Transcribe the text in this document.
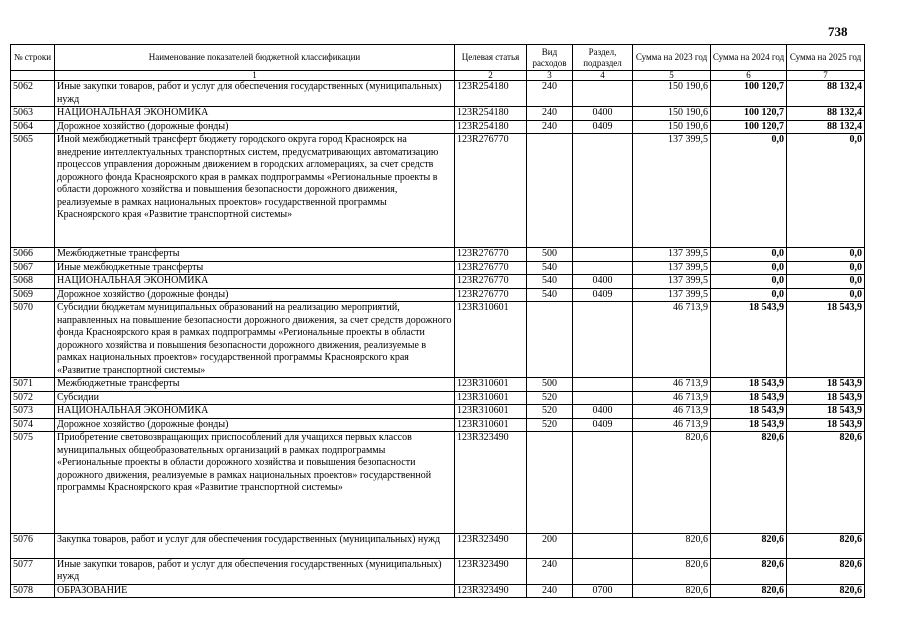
738
№ строки	Наименование показателей бюджетной классификации	Целевая статья	Вид расходов	Раздел, подраздел	Сумма на 2023 год	Сумма на 2024 год	Сумма на 2025 год
	1	2	3	4	5	6	7
5062	Иные закупки товаров, работ и услуг для обеспечения государственных (муниципальных) нужд	123R254180	240		150 190,6	100 120,7	88 132,4
5063	НАЦИОНАЛЬНАЯ ЭКОНОМИКА	123R254180	240	0400	150 190,6	100 120,7	88 132,4
5064	Дорожное хозяйство (дорожные фонды)	123R254180	240	0409	150 190,6	100 120,7	88 132,4
5065	Иной межбюджетный трансферт бюджету городского округа город Красноярск на внедрение интеллектуальных транспортных систем, предусматривающих автоматизацию процессов управления дорожным движением в городских агломерациях, за счет средств дорожного фонда Красноярского края в рамках подпрограммы «Региональные проекты в области дорожного хозяйства и повышения безопасности дорожного движения, реализуемые в рамках национальных проектов» государственной программы Красноярского края «Развитие транспортной системы»	123R276770			137 399,5	0,0	0,0
5066	Межбюджетные трансферты	123R276770	500		137 399,5	0,0	0,0
5067	Иные межбюджетные трансферты	123R276770	540		137 399,5	0,0	0,0
5068	НАЦИОНАЛЬНАЯ ЭКОНОМИКА	123R276770	540	0400	137 399,5	0,0	0,0
5069	Дорожное хозяйство (дорожные фонды)	123R276770	540	0409	137 399,5	0,0	0,0
5070	Субсидии бюджетам муниципальных образований на реализацию мероприятий, направленных на повышение безопасности дорожного движения, за счет средств дорожного фонда Красноярского края в рамках подпрограммы «Региональные проекты в области дорожного хозяйства и повышения безопасности дорожного движения, реализуемые в рамках национальных проектов» государственной программы Красноярского края «Развитие транспортной системы»	123R310601			46 713,9	18 543,9	18 543,9
5071	Межбюджетные трансферты	123R310601	500		46 713,9	18 543,9	18 543,9
5072	Субсидии	123R310601	520		46 713,9	18 543,9	18 543,9
5073	НАЦИОНАЛЬНАЯ ЭКОНОМИКА	123R310601	520	0400	46 713,9	18 543,9	18 543,9
5074	Дорожное хозяйство (дорожные фонды)	123R310601	520	0409	46 713,9	18 543,9	18 543,9
5075	Приобретение световозвращающих приспособлений для учащихся первых классов муниципальных общеобразовательных организаций в рамках подпрограммы «Региональные проекты в области дорожного хозяйства и повышения безопасности дорожного движения, реализуемые в рамках национальных проектов» государственной программы Красноярского края «Развитие транспортной системы»	123R323490			820,6	820,6	820,6
5076	Закупка товаров, работ и услуг для обеспечения государственных (муниципальных) нужд	123R323490	200		820,6	820,6	820,6
5077	Иные закупки товаров, работ и услуг для обеспечения государственных (муниципальных) нужд	123R323490	240		820,6	820,6	820,6
5078	ОБРАЗОВАНИЕ	123R323490	240	0700	820,6	820,6	820,6
